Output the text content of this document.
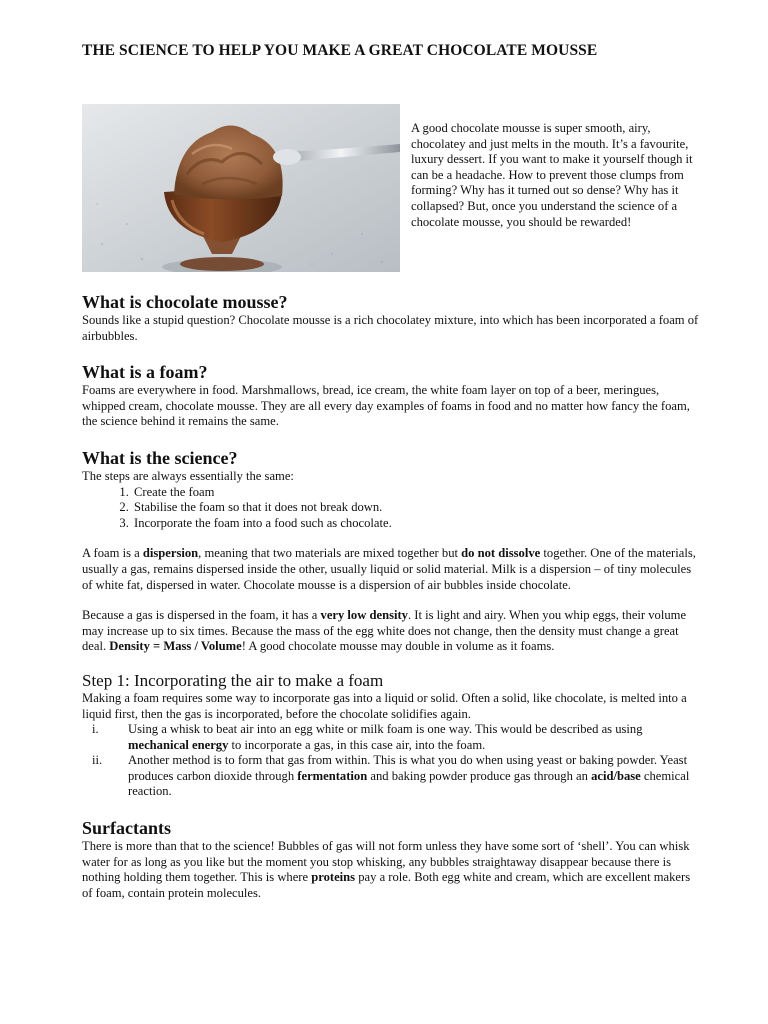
THE SCIENCE TO HELP YOU MAKE A GREAT CHOCOLATE MOUSSE

A good chocolate mousse is super smooth, airy, chocolatey and just melts in the mouth. It’s a favourite, luxury dessert. If you want to make it yourself though it can be a headache. How to prevent those clumps from forming? Why has it turned out so dense? Why has it collapsed? But, once you understand the science of a chocolate mousse, you should be rewarded!

What is chocolate mousse?

Sounds like a stupid question? Chocolate mousse is a rich chocolatey mixture, into which has been incorporated a foam of airbubbles.

What is a foam?

Foams are everywhere in food. Marshmallows, bread, ice cream, the white foam layer on top of a beer, meringues, whipped cream, chocolate mousse. They are all every day examples of foams in food and no matter how fancy the foam, the science behind it remains the same.

What is the science?

The steps are always essentially the same:

1. Create the foam
2. Stabilise the foam so that it does not break down.
3. Incorporate the foam into a food such as chocolate.

A foam is a dispersion, meaning that two materials are mixed together but do not dissolve together. One of the materials, usually a gas, remains dispersed inside the other, usually liquid or solid material. Milk is a dispersion – of tiny molecules of white fat, dispersed in water. Chocolate mousse is a dispersion of air bubbles inside chocolate.

Because a gas is dispersed in the foam, it has a very low density. It is light and airy. When you whip eggs, their volume may increase up to six times. Because the mass of the egg white does not change, then the density must change a great deal. Density = Mass / Volume! A good chocolate mousse may double in volume as it foams.

Step 1: Incorporating the air to make a foam

Making a foam requires some way to incorporate gas into a liquid or solid. Often a solid, like chocolate, is melted into a liquid first, then the gas is incorporated, before the chocolate solidifies again.

i.	Using a whisk to beat air into an egg white or milk foam is one way. This would be described as using mechanical energy to incorporate a gas, in this case air, into the foam.
ii.	Another method is to form that gas from within. This is what you do when using yeast or baking powder. Yeast produces carbon dioxide through fermentation and baking powder produce gas through an acid/base chemical reaction.
Surfactants

There is more than that to the science! Bubbles of gas will not form unless they have some sort of ‘shell’. You can whisk water for as long as you like but the moment you stop whisking, any bubbles straightaway disappear because there is nothing holding them together. This is where proteins pay a role. Both egg white and cream, which are excellent makers of foam, contain protein molecules.
